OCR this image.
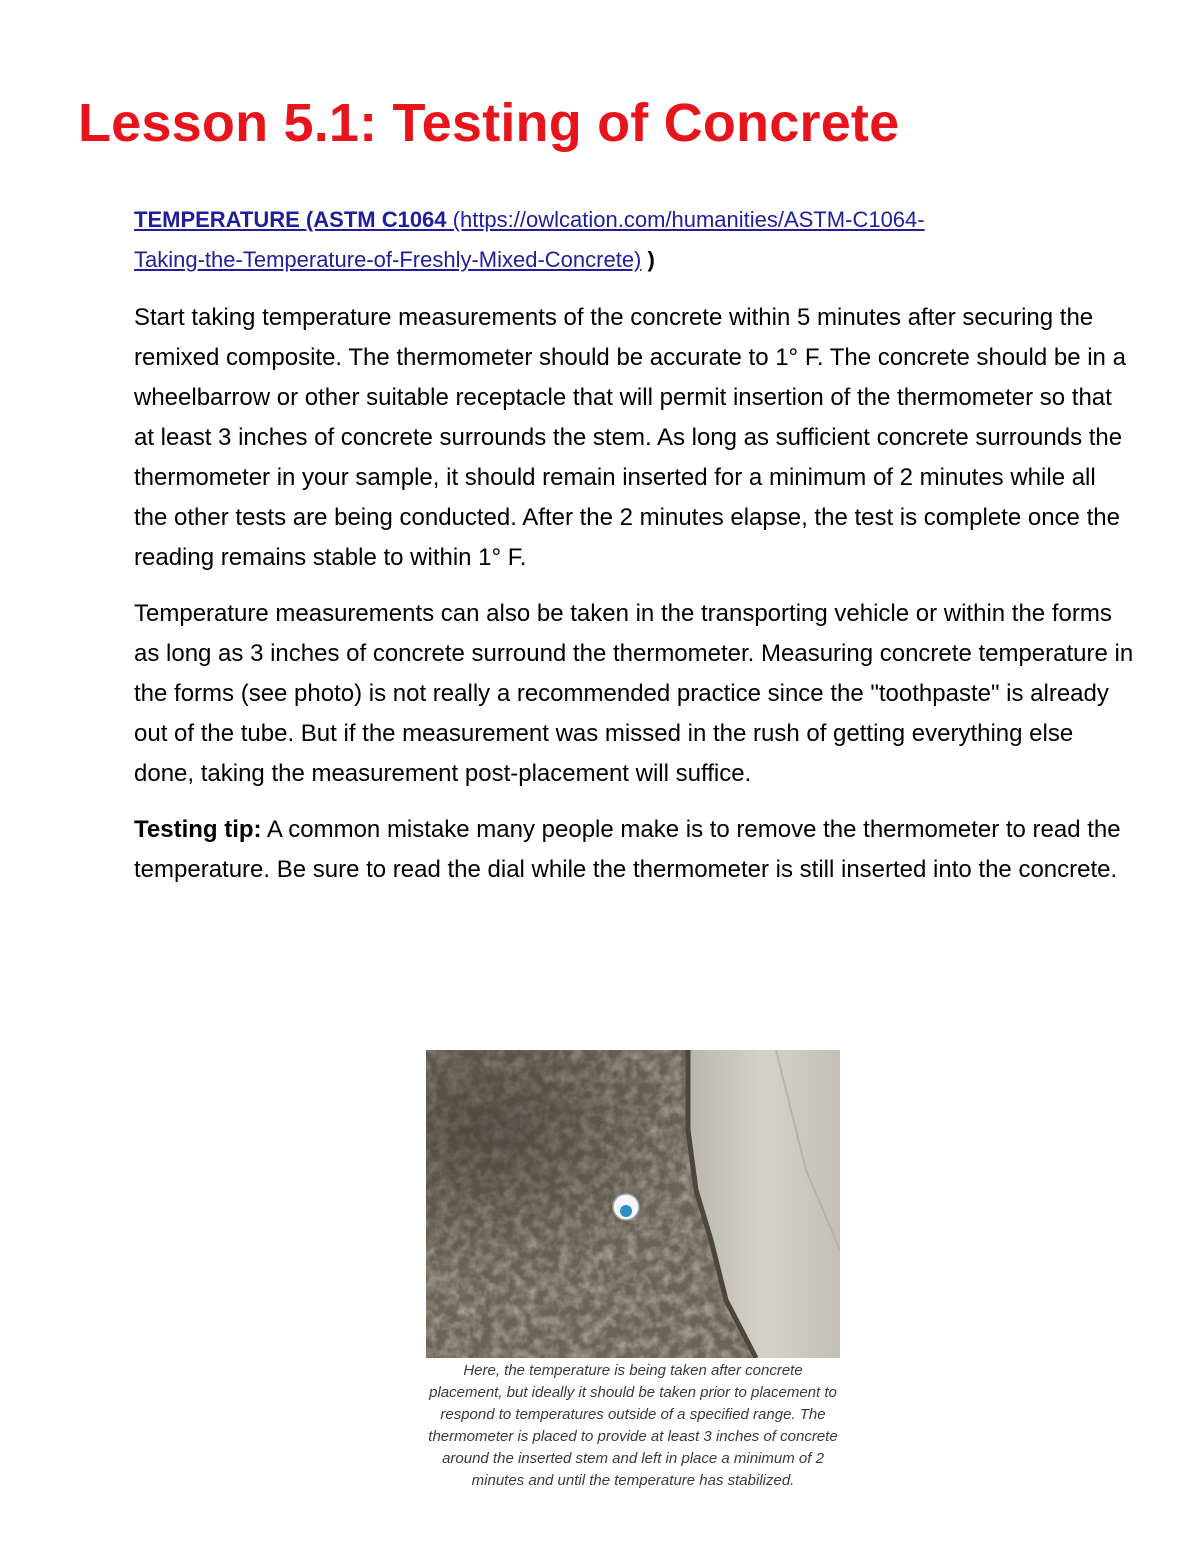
Lesson 5.1: Testing of Concrete
TEMPERATURE (ASTM C1064 (https://owlcation.com/humanities/ASTM-C1064-
Taking-the-Temperature-of-Freshly-Mixed-Concrete) )

Start taking temperature measurements of the concrete within 5 minutes after securing the remixed composite. The thermometer should be accurate to 1° F. The concrete should be in a wheelbarrow or other suitable receptacle that will permit insertion of the thermometer so that at least 3 inches of concrete surrounds the stem. As long as sufficient concrete surrounds the thermometer in your sample, it should remain inserted for a minimum of 2 minutes while all the other tests are being conducted. After the 2 minutes elapse, the test is complete once the reading remains stable to within 1° F.

Temperature measurements can also be taken in the transporting vehicle or within the forms as long as 3 inches of concrete surround the thermometer. Measuring concrete temperature in the forms (see photo) is not really a recommended practice since the "toothpaste" is already out of the tube. But if the measurement was missed in the rush of getting everything else done, taking the measurement post-placement will suffice.

Testing tip: A common mistake many people make is to remove the thermometer to read the temperature. Be sure to read the dial while the thermometer is still inserted into the concrete.

Here, the temperature is being taken after concrete placement, but ideally it should be taken prior to placement to respond to temperatures outside of a specified range. The thermometer is placed to provide at least 3 inches of concrete around the inserted stem and left in place a minimum of 2 minutes and until the temperature has stabilized.
